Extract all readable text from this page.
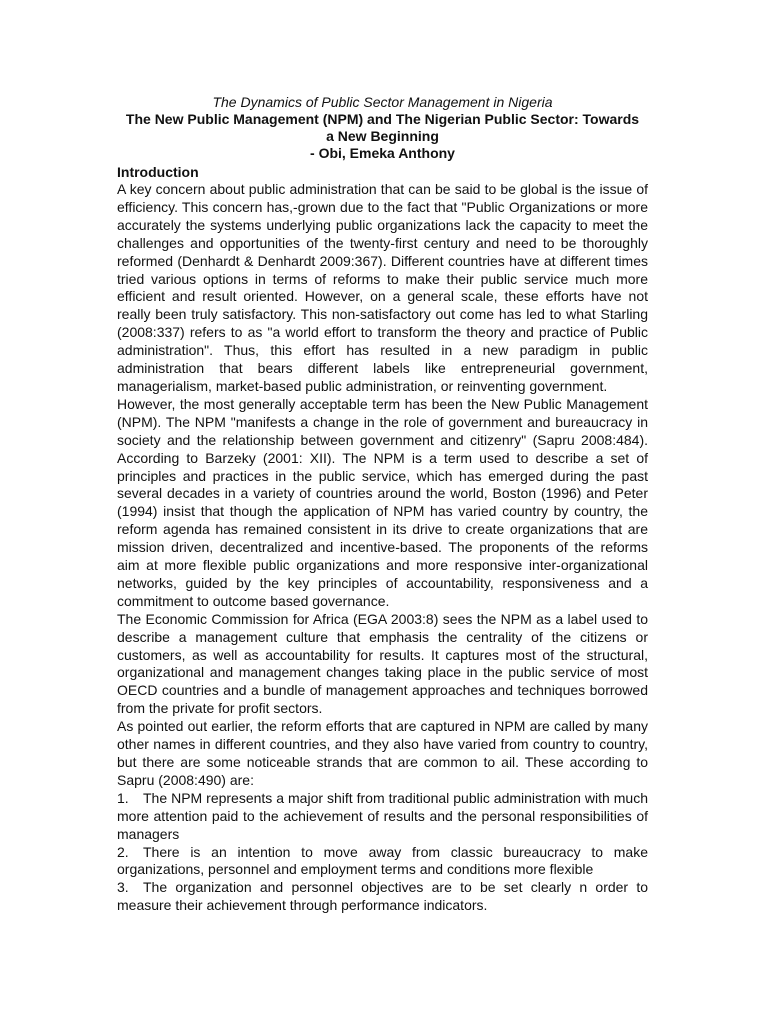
The Dynamics of Public Sector Management in Nigeria

The New Public Management (NPM) and The Nigerian Public Sector: Towards a New Beginning

- Obi, Emeka Anthony

Introduction

A key concern about public administration that can be said to be global is the issue of efficiency. This concern has,-grown due to the fact that "Public Organizations or more accurately the systems underlying public organizations lack the capacity to meet the challenges and opportunities of the twenty-first century and need to be thoroughly reformed (Denhardt & Denhardt 2009:367). Different countries have at different times tried various options in terms of reforms to make their public service much more efficient and result oriented. However, on a general scale, these efforts have not really been truly satisfactory. This non-satisfactory out come has led to what Starling (2008:337) refers to as "a world effort to transform the theory and practice of Public administration". Thus, this effort has resulted in a new paradigm in public administration that bears different labels like entrepreneurial government, managerialism, market-based public administration, or reinventing government.

However, the most generally acceptable term has been the New Public Management (NPM). The NPM "manifests a change in the role of government and bureaucracy in society and the relationship between government and citizenry" (Sapru 2008:484). According to Barzeky (2001: XII). The NPM is a term used to describe a set of principles and practices in the public service, which has emerged during the past several decades in a variety of countries around the world, Boston (1996) and Peter (1994) insist that though the application of NPM has varied country by country, the reform agenda has remained consistent in its drive to create organizations that are mission driven, decentralized and incentive-based. The proponents of the reforms aim at more flexible public organizations and more responsive inter-organizational networks, guided by the key principles of accountability, responsiveness and a commitment to outcome based governance.

The Economic Commission for Africa (EGA 2003:8) sees the NPM as a label used to describe a management culture that emphasis the centrality of the citizens or customers, as well as accountability for results. It captures most of the structural, organizational and management changes taking place in the public service of most OECD countries and a bundle of management approaches and techniques borrowed from the private for profit sectors.

As pointed out earlier, the reform efforts that are captured in NPM are called by many other names in different countries, and they also have varied from country to country, but there are some noticeable strands that are common to ail. These according to Sapru (2008:490) are:

1. The NPM represents a major shift from traditional public administration with much more attention paid to the achievement of results and the personal responsibilities of managers

2. There is an intention to move away from classic bureaucracy to make organizations, personnel and employment terms and conditions more flexible

3. The organization and personnel objectives are to be set clearly n order to measure their achievement through performance indicators.
